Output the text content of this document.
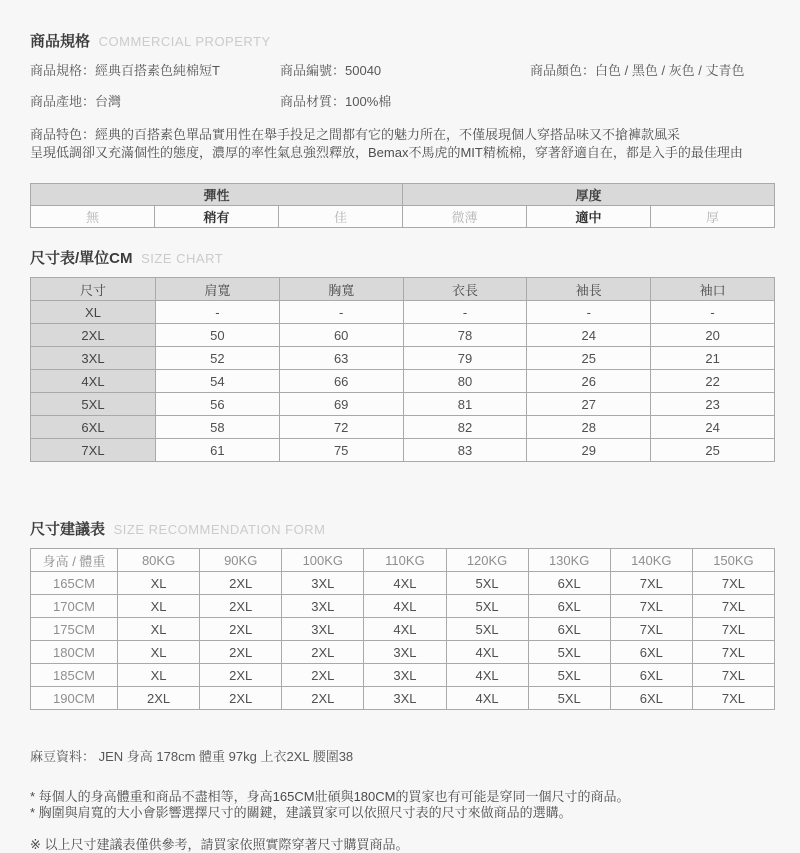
商品規格 COMMERCIAL PROPERTY
商品規格：經典百搭素色純棉短T	商品編號：50040	商品顏色：白色 / 黑色 / 灰色 / 丈青色
商品產地：台灣	商品材質：100%棉
商品特色：經典的百搭素色單品實用性在舉手投足之間都有它的魅力所在，不僅展現個人穿搭品味又不搶褲款風采
呈現低調卻又充滿個性的態度，濃厚的率性氣息強烈釋放，Bemax不馬虎的MIT精梳棉，穿著舒適自在，都是入手的最佳理由
彈性			厚度		
無	稍有	佳	微薄	適中	厚
尺寸表/單位CM SIZE CHART
尺寸	肩寬	胸寬	衣長	袖長	袖口
XL	-	-	-	-	-
2XL	50	60	78	24	20
3XL	52	63	79	25	21
4XL	54	66	80	26	22
5XL	56	69	81	27	23
6XL	58	72	82	28	24
7XL	61	75	83	29	25
尺寸建議表 SIZE RECOMMENDATION FORM
身高 / 體重	80KG	90KG	100KG	110KG	120KG	130KG	140KG	150KG
165CM	XL	2XL	3XL	4XL	5XL	6XL	7XL	7XL
170CM	XL	2XL	3XL	4XL	5XL	6XL	7XL	7XL
175CM	XL	2XL	3XL	4XL	5XL	6XL	7XL	7XL
180CM	XL	2XL	2XL	3XL	4XL	5XL	6XL	7XL
185CM	XL	2XL	2XL	3XL	4XL	5XL	6XL	7XL
190CM	2XL	2XL	2XL	3XL	4XL	5XL	6XL	7XL
麻豆資料： JEN 身高 178cm 體重 97kg 上衣2XL 腰圍38
* 每個人的身高體重和商品不盡相等，身高165CM壯碩與180CM的買家也有可能是穿同一個尺寸的商品。
* 胸圍與肩寬的大小會影響選擇尺寸的關鍵，建議買家可以依照尺寸表的尺寸來做商品的選購。
※ 以上尺寸建議表僅供參考，請買家依照實際穿著尺寸購買商品。
